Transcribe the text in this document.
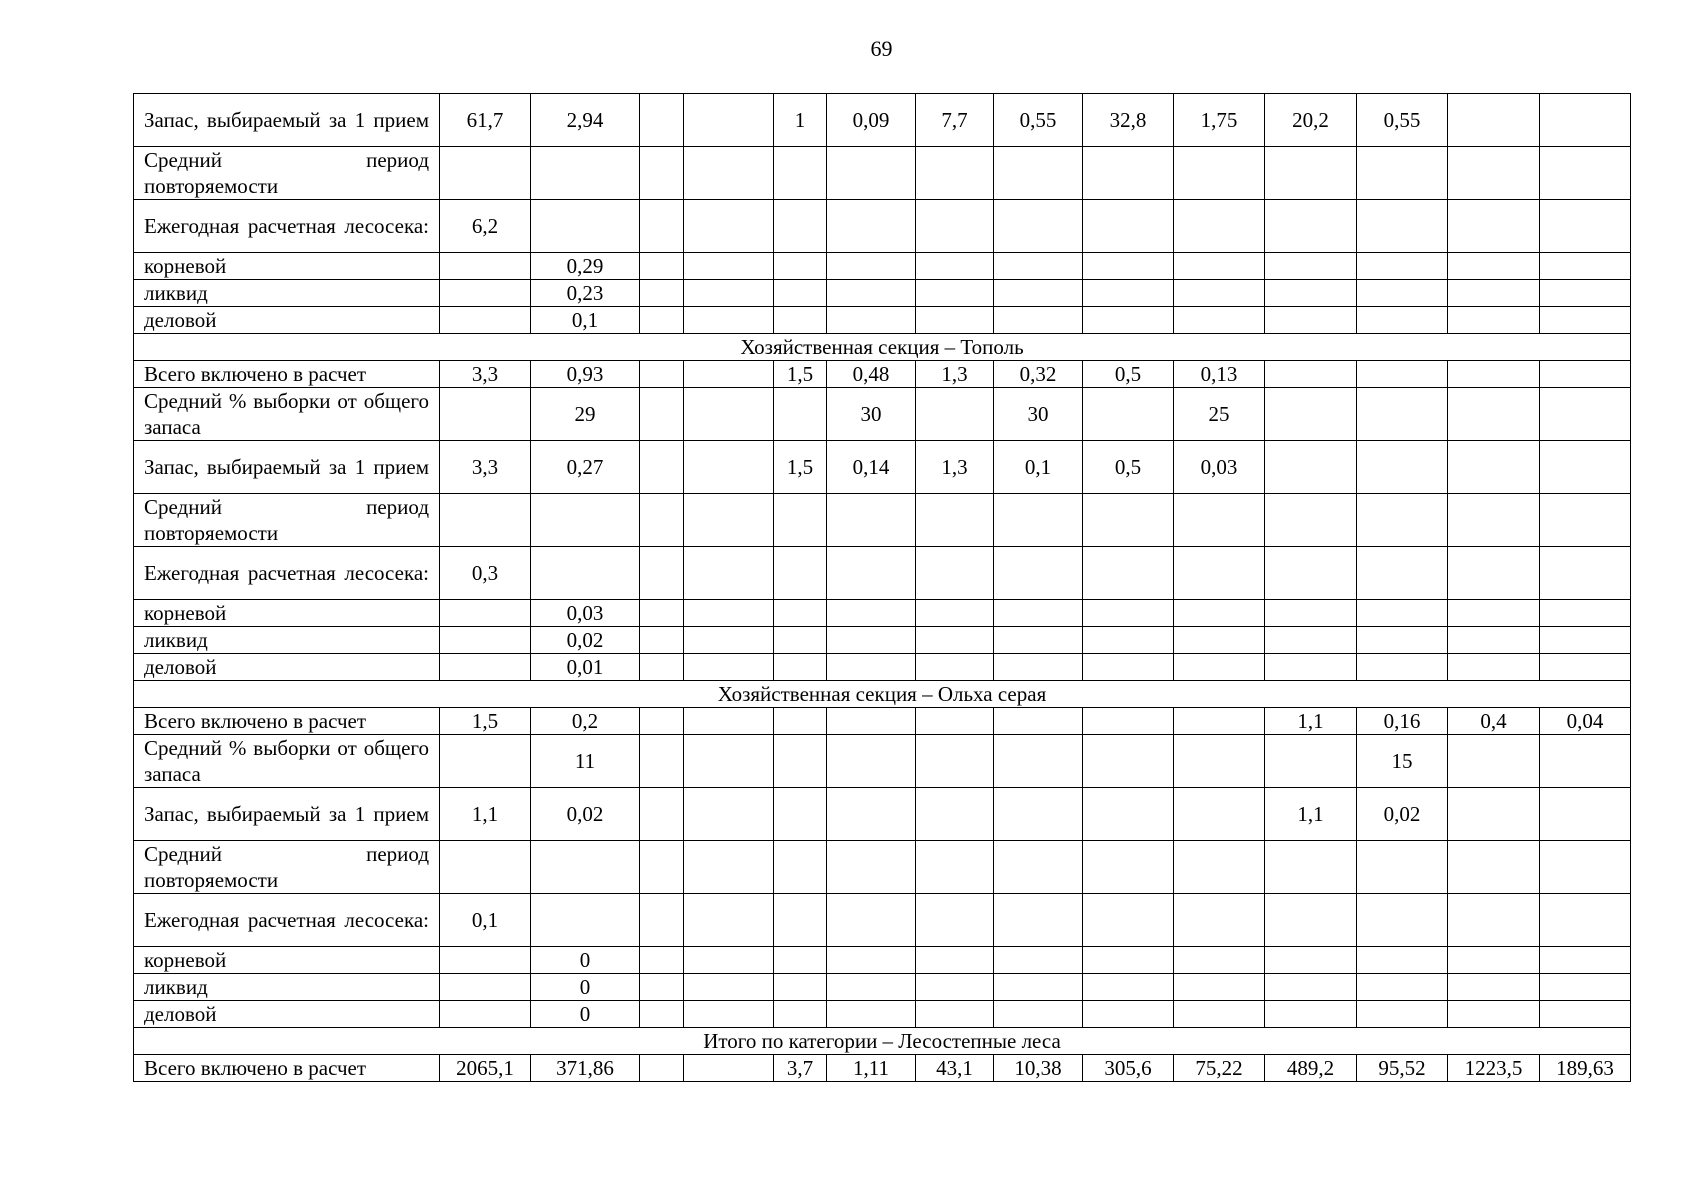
69
Запас, выбираемый за 1 прием	61,7	2,94			1	0,09	7,7	0,55	32,8	1,75	20,2	0,55		
Средний период повторяемости														
Ежегодная расчетная лесосека:	6,2													
корневой		0,29												
ликвид		0,23												
деловой		0,1												
Хозяйственная секция – Тополь														
Всего включено в расчет	3,3	0,93			1,5	0,48	1,3	0,32	0,5	0,13				
Средний % выборки от общего запаса		29				30		30		25				
Запас, выбираемый за 1 прием	3,3	0,27			1,5	0,14	1,3	0,1	0,5	0,03				
Средний период повторяемости														
Ежегодная расчетная лесосека:	0,3													
корневой		0,03												
ликвид		0,02												
деловой		0,01												
Хозяйственная секция – Ольха серая														
Всего включено в расчет	1,5	0,2									1,1	0,16	0,4	0,04
Средний % выборки от общего запаса		11										15		
Запас, выбираемый за 1 прием	1,1	0,02									1,1	0,02		
Средний период повторяемости														
Ежегодная расчетная лесосека:	0,1													
корневой		0												
ликвид		0												
деловой		0												
Итого по категории – Лесостепные леса														
Всего включено в расчет	2065,1	371,86			3,7	1,11	43,1	10,38	305,6	75,22	489,2	95,52	1223,5	189,63
